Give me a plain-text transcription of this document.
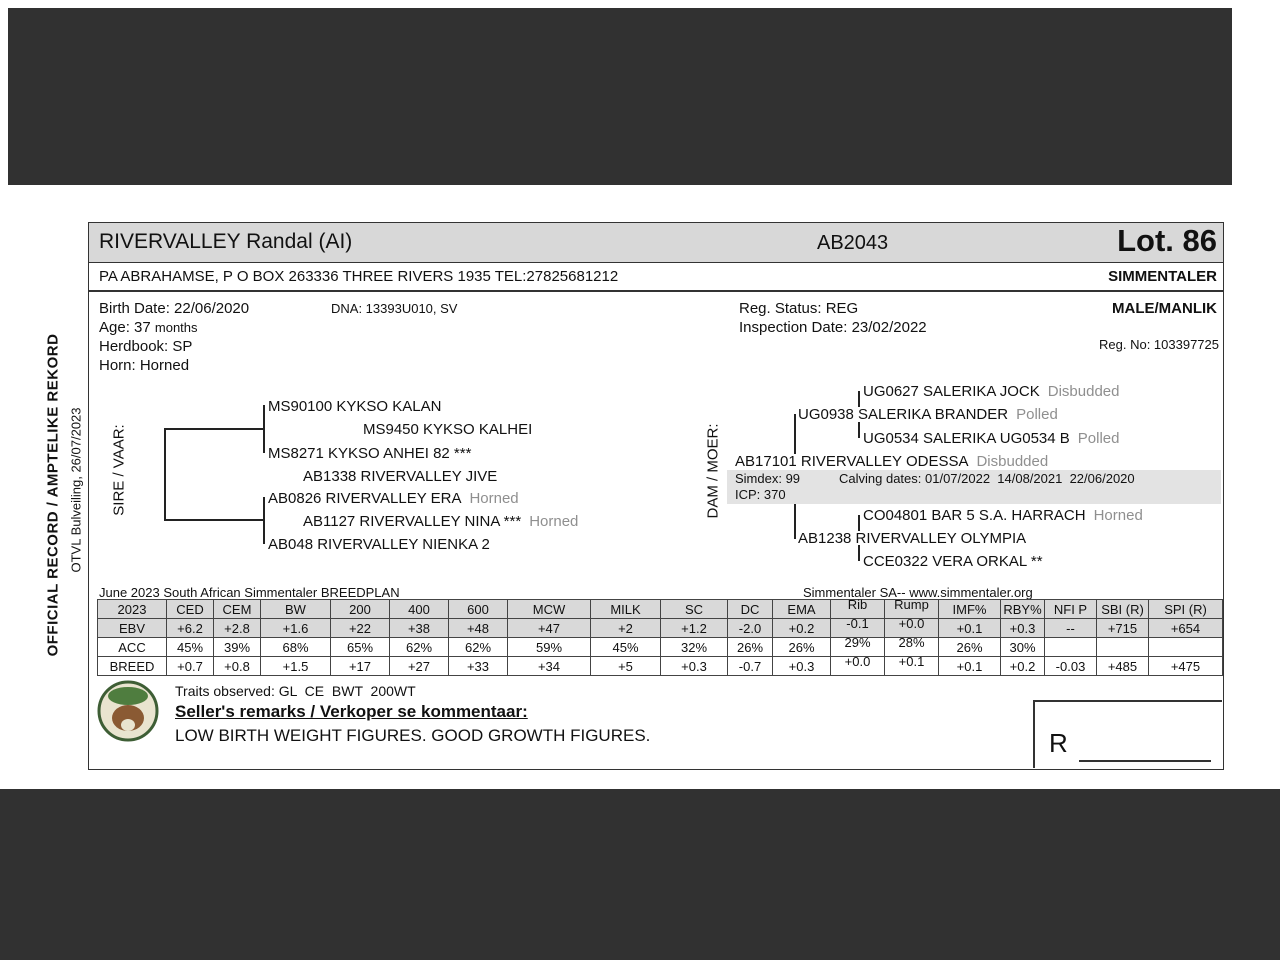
OFFICIAL RECORD / AMPTELIKE REKORD OTVL Bulveiling, 26/07/2023
RIVERVALLEY Randal (AI)	AB2043	Lot. 86
PA ABRAHAMSE, P O BOX 263336 THREE RIVERS 1935 TEL:27825681212	SIMMENTALER
Birth Date: 22/06/2020	DNA: 13393U010, SV	Reg. Status: REG	MALE/MANLIK
Age: 37 months	Inspection Date: 23/02/2022
Herdbook: SP	Reg. No: 103397725
Horn: Horned
SIRE / VAAR:
MS90100 KYKSO KALAN
MS9450 KYKSO KALHEI
MS8271 KYKSO ANHEI 82 ***
AB1338 RIVERVALLEY JIVE
AB0826 RIVERVALLEY ERA Horned
AB1127 RIVERVALLEY NINA *** Horned
AB048 RIVERVALLEY NIENKA 2
DAM / MOER:
UG0627 SALERIKA JOCK Disbudded
UG0938 SALERIKA BRANDER Polled
UG0534 SALERIKA UG0534 B Polled
AB17101 RIVERVALLEY ODESSA Disbudded
Simdex: 99	Calving dates: 01/07/2022  14/08/2021  22/06/2020
ICP: 370
CO04801 BAR 5 S.A. HARRACH Horned
AB1238 RIVERVALLEY OLYMPIA
CCE0322 VERA ORKAL **
June 2023 South African Simmentaler BREEDPLAN	Simmentaler SA-- www.simmentaler.org
2023	CED	CEM	BW	200	400	600	MCW	MILK	SC	DC	EMA	Rib	Rump	IMF%	RBY%	NFI P	SBI (R)	SPI (R)
EBV	+6.2	+2.8	+1.6	+22	+38	+48	+47	+2	+1.2	-2.0	+0.2	-0.1	+0.0	+0.1	+0.3	--	+715	+654
ACC	45%	39%	68%	65%	62%	62%	59%	45%	32%	26%	26%	29%	28%	26%	30%			
BREED	+0.7	+0.8	+1.5	+17	+27	+33	+34	+5	+0.3	-0.7	+0.3	+0.0	+0.1	+0.1	+0.2	-0.03	+485	+475
Traits observed: GL  CE  BWT  200WT
Seller's remarks / Verkoper se kommentaar:
LOW BIRTH WEIGHT FIGURES. GOOD GROWTH FIGURES.	R
